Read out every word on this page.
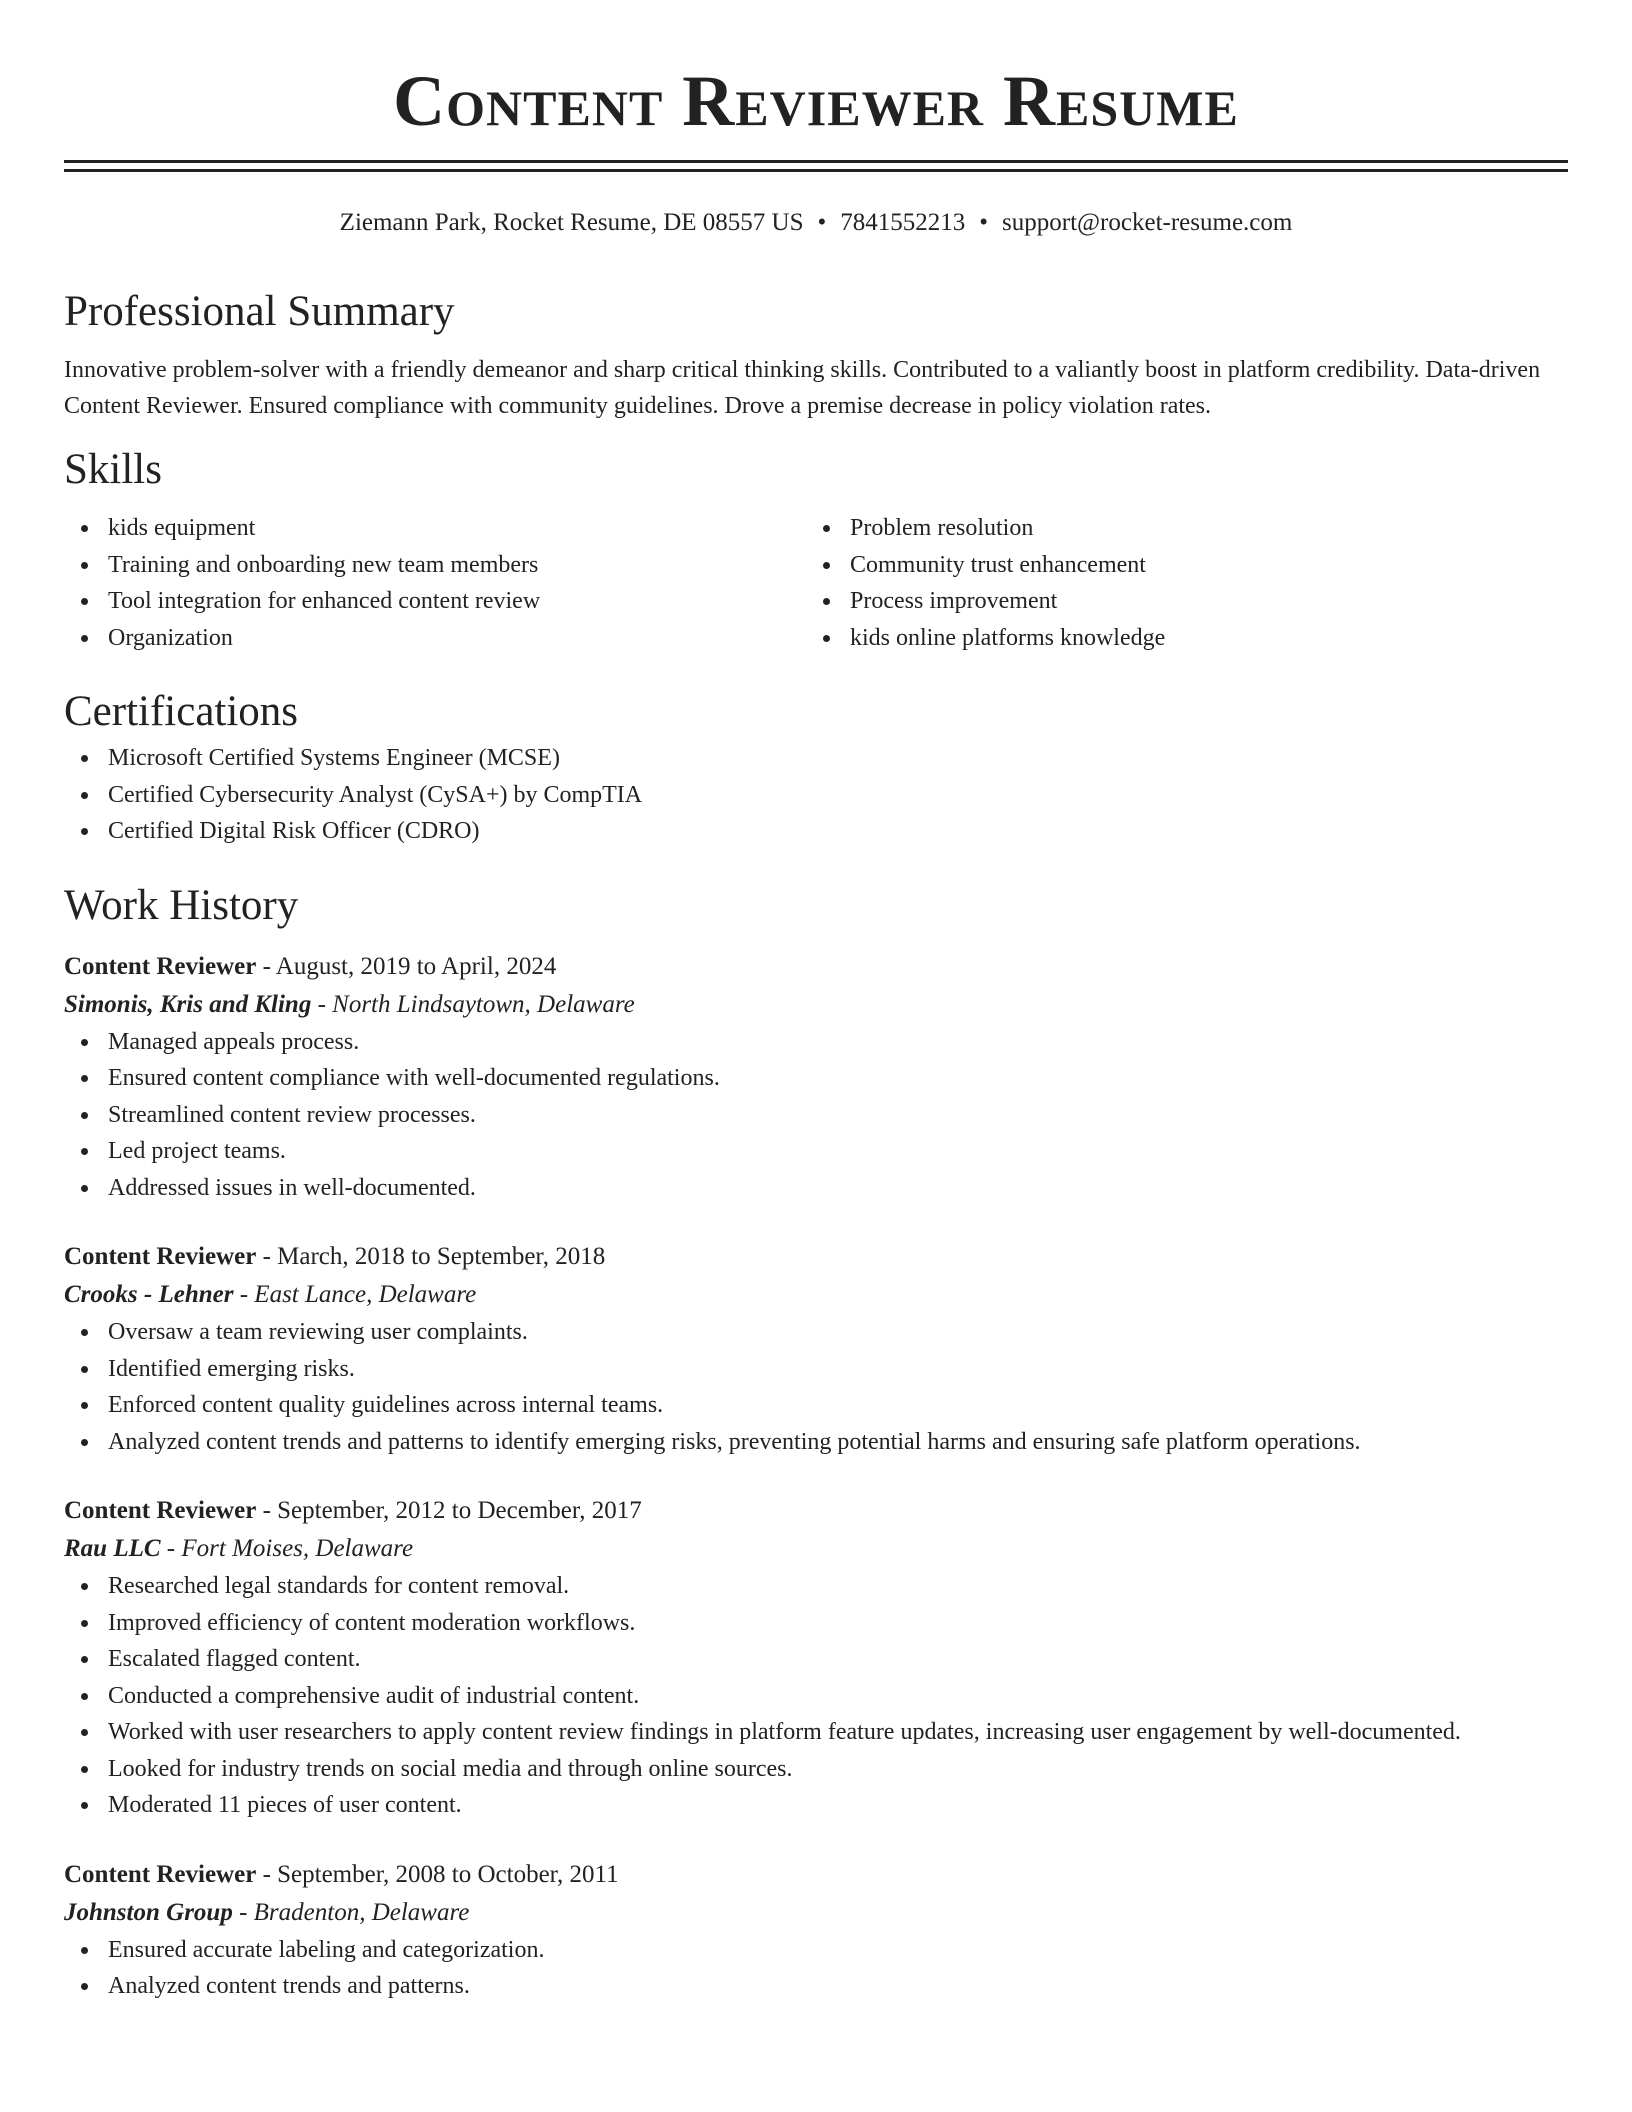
Content Reviewer Resume
Ziemann Park, Rocket Resume, DE 08557 US • 7841552213 • support@rocket-resume.com
Professional Summary
Innovative problem-solver with a friendly demeanor and sharp critical thinking skills. Contributed to a valiantly boost in platform credibility. Data-driven Content Reviewer. Ensured compliance with community guidelines. Drove a premise decrease in policy violation rates.
Skills
kids equipment
Training and onboarding new team members
Tool integration for enhanced content review
Organization
Problem resolution
Community trust enhancement
Process improvement
kids online platforms knowledge
Certifications
Microsoft Certified Systems Engineer (MCSE)
Certified Cybersecurity Analyst (CySA+) by CompTIA
Certified Digital Risk Officer (CDRO)
Work History
Content Reviewer - August, 2019 to April, 2024
Simonis, Kris and Kling - North Lindsaytown, Delaware
Managed appeals process.
Ensured content compliance with well-documented regulations.
Streamlined content review processes.
Led project teams.
Addressed issues in well-documented.
Content Reviewer - March, 2018 to September, 2018
Crooks - Lehner - East Lance, Delaware
Oversaw a team reviewing user complaints.
Identified emerging risks.
Enforced content quality guidelines across internal teams.
Analyzed content trends and patterns to identify emerging risks, preventing potential harms and ensuring safe platform operations.
Content Reviewer - September, 2012 to December, 2017
Rau LLC - Fort Moises, Delaware
Researched legal standards for content removal.
Improved efficiency of content moderation workflows.
Escalated flagged content.
Conducted a comprehensive audit of industrial content.
Worked with user researchers to apply content review findings in platform feature updates, increasing user engagement by well-documented.
Looked for industry trends on social media and through online sources.
Moderated 11 pieces of user content.
Content Reviewer - September, 2008 to October, 2011
Johnston Group - Bradenton, Delaware
Ensured accurate labeling and categorization.
Analyzed content trends and patterns.
